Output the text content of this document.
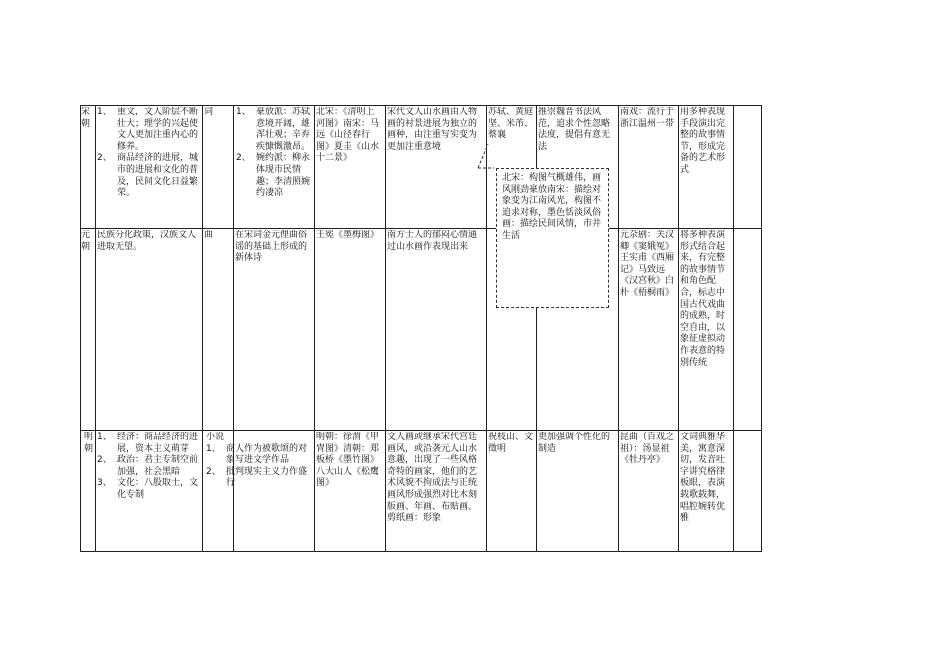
宋朝
1、 重文，文人阶层不断壮大；理学的兴起使文人更加注重内心的修养。
2、 商品经济的进展，城市的进展和文化的普及，民间文化日益繁荣。
词	1、 豪放派：苏轼意境开阔，雄浑壮观；辛弃疾慷慨激昂。
2、 婉约派：柳永体现市民情趣；李清照婉约凄凉
北宋：《清明上河图》南宋：马远《山径春行图》夏圭《山水十二景》
宋代文人山水画由人物画的衬景进展为独立的画种，由注重写实变为更加注重意境
苏轼、黄庭坚、米芾、蔡襄
推崇魏晋书法风范，追求个性忽略法度，提倡有意无法
南戏：流行于浙江温州一带
用多种表现手段演出完整的故事情节，形成完备的艺术形式
元朝
民族分化政策，汉族文人进取无望。
曲	在宋词金元俚曲俗谣的基础上形成的新体诗
王冕《墨梅图》 南方士人的郁闷心情通过山水画作表现出来
元杂剧：关汉卿《窦娥冤》王实甫《西厢记》马致远《汉宫秋》白朴《梧桐雨》
将多种表演形式结合起来，有完整的故事情节和角色配合，标志中国古代戏曲的成熟，时空自由，以象征虚拟动作表意的特别传统
明朝
1、 经济：商品经济的进展，资本主义萌芽
2、 政治：君主专制空前加强，社会黑暗
3、 文化：八股取士，文化专制
小说
1、 商人作为被歌颂的对象写进文学作品
2、 批判现实主义力作盛行
明朝：徐渭《甲胄图》清朝：郑板桥《墨竹图》八大山人《松鹰图》
文人画或继承宋代宫廷画风，或沿袭元人山水意趣，出现了一些风格奇特的画家，他们的艺术风貌不拘成法与正统画风形成强烈对比木刻版画、年画、布贴画、剪纸画：形象
祝枝山、文徵明
更加强调个性化的制造
昆曲（百戏之祖）：汤显祖《牡丹亭》
文词典雅华美，寓意深切，发音吐字讲究格律板眼，表演载歌载舞，唱腔婉转优雅
北宋：构图气概雄伟，画风刚劲豪放南宋：描绘对象变为江南风光，构图不追求对称，墨色恬淡风俗画：描绘民间风情，市井生活
